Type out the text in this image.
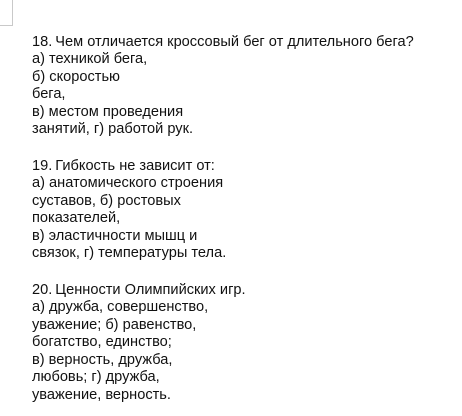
18. Чем отличается кроссовый бег от длительного бега?
а) техникой бега,
б) скоростью
бега,
в) местом проведения
занятий, г) работой рук.
19. Гибкость не зависит от:
а) анатомического строения
суставов, б) ростовых
показателей,
в) эластичности мышц и
связок, г) температуры тела.
20. Ценности Олимпийских игр.
а) дружба, совершенство,
уважение; б) равенство,
богатство, единство;
в) верность, дружба,
любовь; г) дружба,
уважение, верность.
